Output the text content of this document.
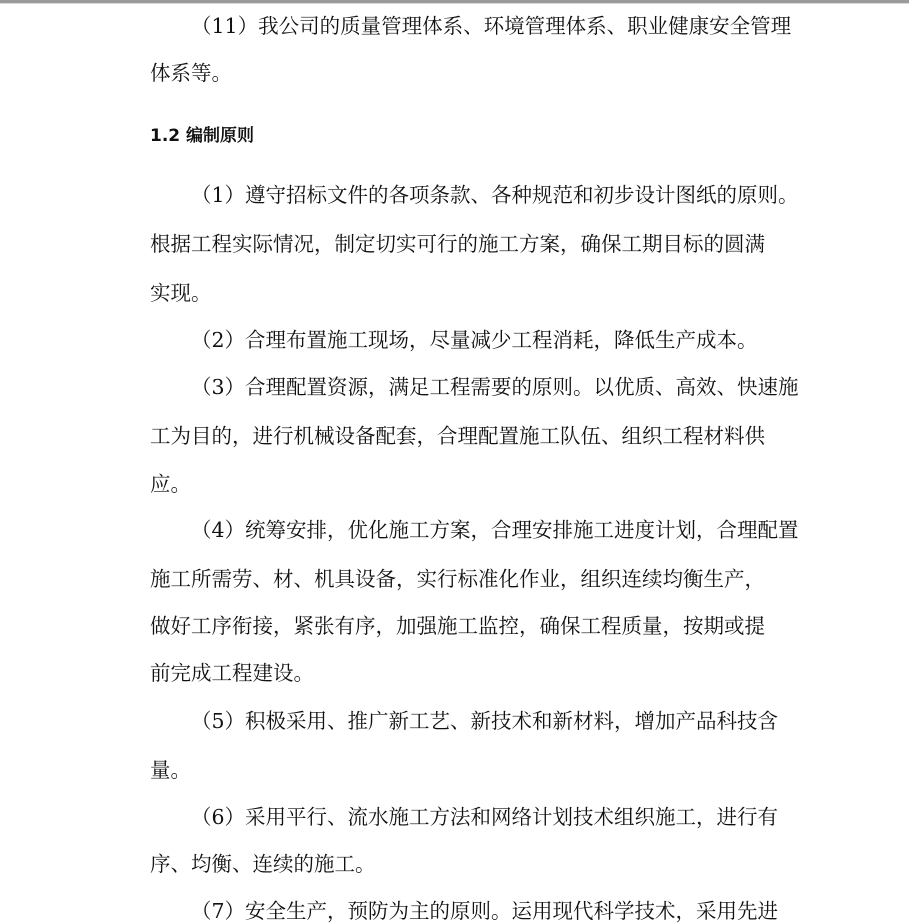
（11）我公司的质量管理体系、环境管理体系、职业健康安全管理
体系等。
1.2 编制原则
（1）遵守招标文件的各项条款、各种规范和初步设计图纸的原则。
根据工程实际情况，制定切实可行的施工方案，确保工期目标的圆满
实现。
（2）合理布置施工现场，尽量减少工程消耗，降低生产成本。
（3）合理配置资源，满足工程需要的原则。以优质、高效、快速施
工为目的，进行机械设备配套，合理配置施工队伍、组织工程材料供
应。
（4）统筹安排，优化施工方案，合理安排施工进度计划，合理配置
施工所需劳、材、机具设备，实行标准化作业，组织连续均衡生产，
做好工序衔接，紧张有序，加强施工监控，确保工程质量，按期或提
前完成工程建设。
（5）积极采用、推广新工艺、新技术和新材料，增加产品科技含
量。
（6）采用平行、流水施工方法和网络计划技术组织施工，进行有
序、均衡、连续的施工。
（7）安全生产，预防为主的原则。运用现代科学技术，采用先进
